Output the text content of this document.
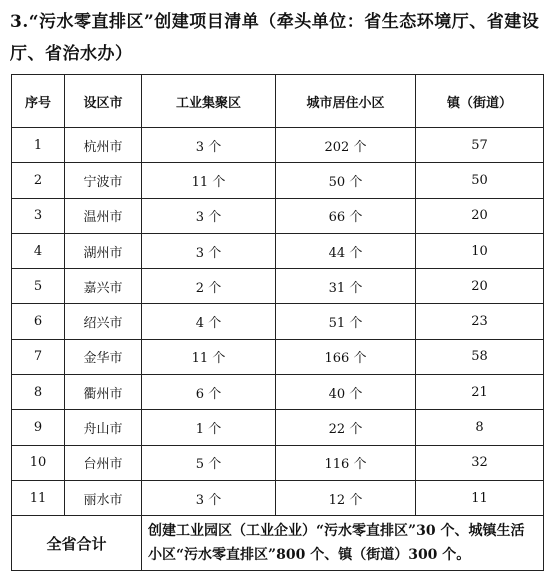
3.“污水零直排区”创建项目清单（牵头单位：省生态环境厅、省建设厅、省治水办）
序号	设区市	工业集聚区	城市居住小区	镇（街道）
1	杭州市	3 个	202 个	57
2	宁波市	11 个	50 个	50
3	温州市	3 个	66 个	20
4	湖州市	3 个	44 个	10
5	嘉兴市	2 个	31 个	20
6	绍兴市	4 个	51 个	23
7	金华市	11 个	166 个	58
8	衢州市	6 个	40 个	21
9	舟山市	1 个	22 个	8
10	台州市	5 个	116 个	32
11	丽水市	3 个	12 个	11
全省合计		创建工业园区（工业企业）“污水零直排区”30 个、城镇生活小区“污水零直排区”800 个、镇（街道）300 个。		
